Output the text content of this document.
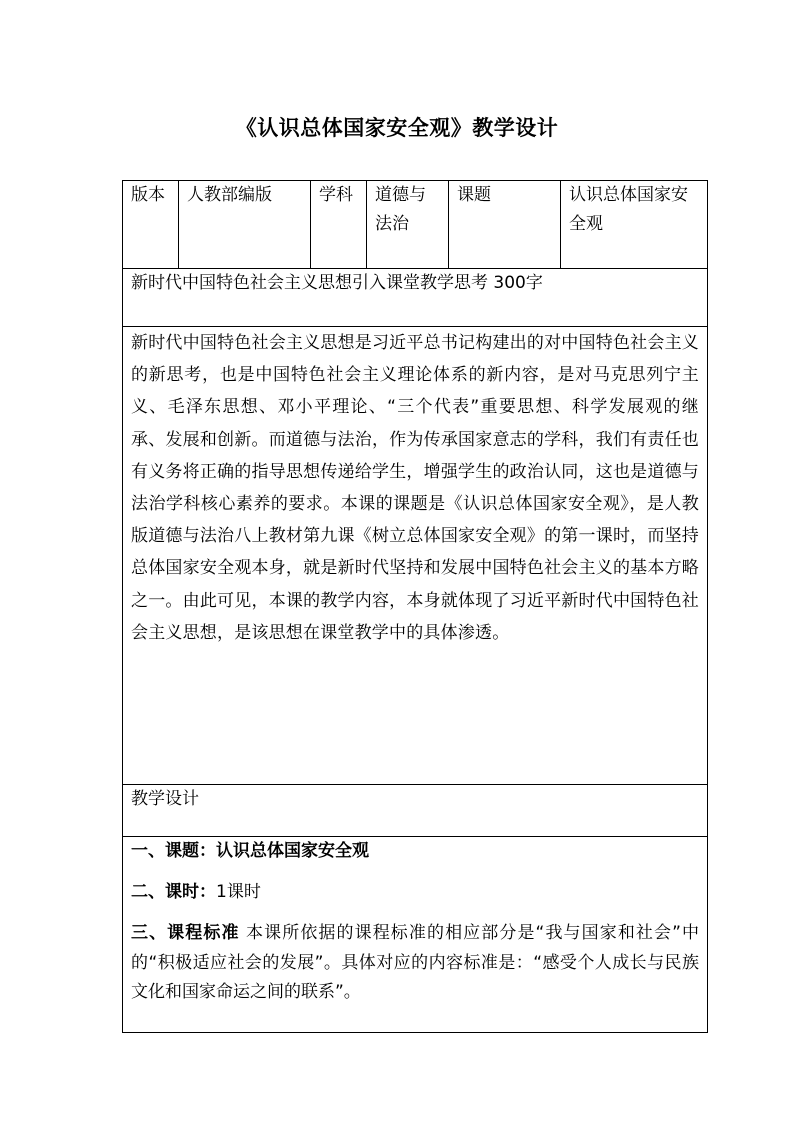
《认识总体国家安全观》教学设计
版本	人教部编版	学科	道德与法治	课题	认识总体国家安全观
新时代中国特色社会主义思想引入课堂教学思考 300字

新时代中国特色社会主义思想是习近平总书记构建出的对中国特色社会主义的新思考，也是中国特色社会主义理论体系的新内容，是对马克思列宁主义、毛泽东思想、邓小平理论、“三个代表”重要思想、科学发展观的继承、发展和创新。而道德与法治，作为传承国家意志的学科，我们有责任也有义务将正确的指导思想传递给学生，增强学生的政治认同，这也是道德与法治学科核心素养的要求。本课的课题是《认识总体国家安全观》，是人教版道德与法治八上教材第九课《树立总体国家安全观》的第一课时，而坚持总体国家安全观本身，就是新时代坚持和发展中国特色社会主义的基本方略之一。由此可见，本课的教学内容，本身就体现了习近平新时代中国特色社会主义思想，是该思想在课堂教学中的具体渗透。

教学设计

一、课题：认识总体国家安全观

二、课时：1课时

三、课程标准 本课所依据的课程标准的相应部分是“我与国家和社会”中的“积极适应社会的发展”。具体对应的内容标准是：“感受个人成长与民族文化和国家命运之间的联系”。
